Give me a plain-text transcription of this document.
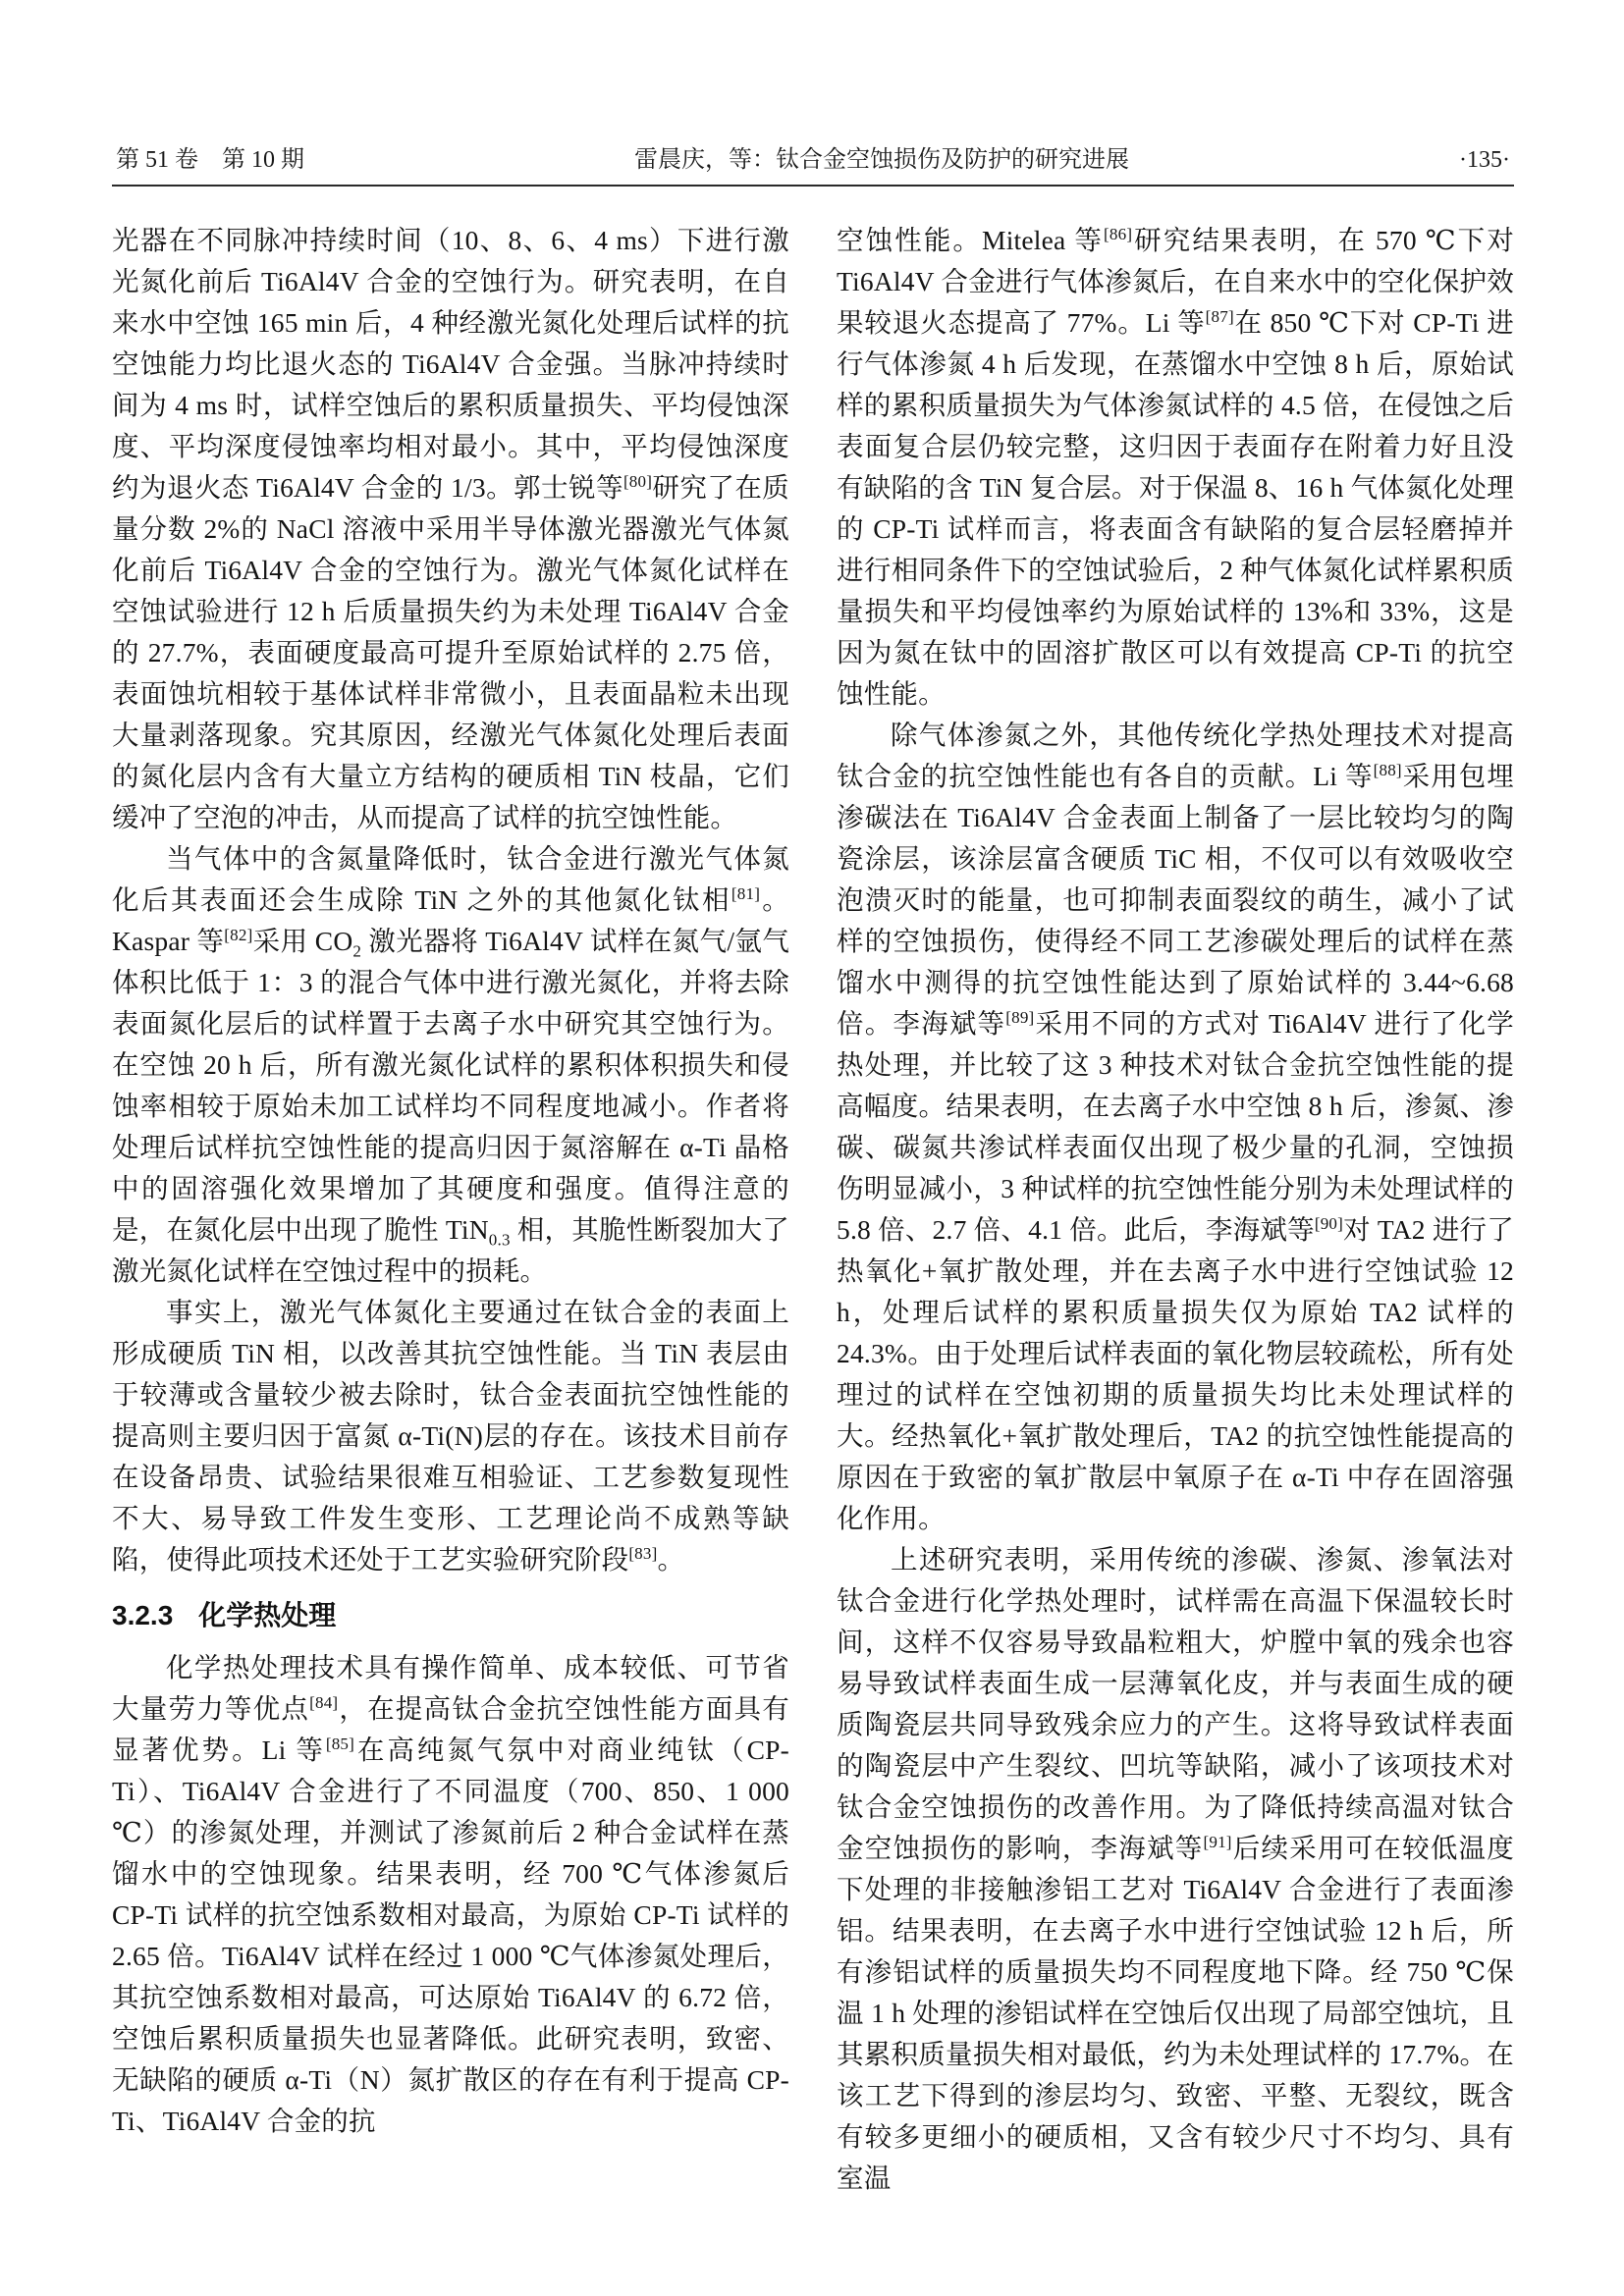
第 51 卷　第 10 期	雷晨庆，等：钛合金空蚀损伤及防护的研究进展	·135·

光器在不同脉冲持续时间（10、8、6、4 ms）下进行激光氮化前后 Ti6Al4V 合金的空蚀行为。研究表明，在自来水中空蚀 165 min 后，4 种经激光氮化处理后试样的抗空蚀能力均比退火态的 Ti6Al4V 合金强。当脉冲持续时间为 4 ms 时，试样空蚀后的累积质量损失、平均侵蚀深度、平均深度侵蚀率均相对最小。其中，平均侵蚀深度约为退火态 Ti6Al4V 合金的 1/3。郭士锐等[80]研究了在质量分数 2%的 NaCl 溶液中采用半导体激光器激光气体氮化前后 Ti6Al4V 合金的空蚀行为。激光气体氮化试样在空蚀试验进行 12 h 后质量损失约为未处理 Ti6Al4V 合金的 27.7%，表面硬度最高可提升至原始试样的 2.75 倍，表面蚀坑相较于基体试样非常微小，且表面晶粒未出现大量剥落现象。究其原因，经激光气体氮化处理后表面的氮化层内含有大量立方结构的硬质相 TiN 枝晶，它们缓冲了空泡的冲击，从而提高了试样的抗空蚀性能。

当气体中的含氮量降低时，钛合金进行激光气体氮化后其表面还会生成除 TiN 之外的其他氮化钛相[81]。Kaspar 等[82]采用 $CO_2$ 激光器将 Ti6Al4V 试样在氮气/氩气体积比低于 1：3 的混合气体中进行激光氮化，并将去除表面氮化层后的试样置于去离子水中研究其空蚀行为。在空蚀 20 h 后，所有激光氮化试样的累积体积损失和侵蚀率相较于原始未加工试样均不同程度地减小。作者将处理后试样抗空蚀性能的提高归因于氮溶解在 α-Ti 晶格中的固溶强化效果增加了其硬度和强度。值得注意的是，在氮化层中出现了脆性 TiN$_{0.3}$ 相，其脆性断裂加大了激光氮化试样在空蚀过程中的损耗。

事实上，激光气体氮化主要通过在钛合金的表面上形成硬质 TiN 相，以改善其抗空蚀性能。当 TiN 表层由于较薄或含量较少被去除时，钛合金表面抗空蚀性能的提高则主要归因于富氮 α-Ti(N)层的存在。该技术目前存在设备昂贵、试验结果很难互相验证、工艺参数复现性不大、易导致工件发生变形、工艺理论尚不成熟等缺陷，使得此项技术还处于工艺实验研究阶段[83]。

3.2.3 化学热处理

化学热处理技术具有操作简单、成本较低、可节省大量劳力等优点[84]，在提高钛合金抗空蚀性能方面具有显著优势。Li 等[85]在高纯氮气氛中对商业纯钛（CP-Ti）、Ti6Al4V 合金进行了不同温度（700、850、1 000 ℃）的渗氮处理，并测试了渗氮前后 2 种合金试样在蒸馏水中的空蚀现象。结果表明，经 700 ℃气体渗氮后 CP-Ti 试样的抗空蚀系数相对最高，为原始 CP-Ti 试样的 2.65 倍。Ti6Al4V 试样在经过 1 000 ℃气体渗氮处理后，其抗空蚀系数相对最高，可达原始 Ti6Al4V 的 6.72 倍，空蚀后累积质量损失也显著降低。此研究表明，致密、无缺陷的硬质 α-Ti（N）氮扩散区的存在有利于提高 CP-Ti、Ti6Al4V 合金的抗

空蚀性能。Mitelea 等[86]研究结果表明，在 570 ℃下对 Ti6Al4V 合金进行气体渗氮后，在自来水中的空化保护效果较退火态提高了 77%。Li 等[87]在 850 ℃下对 CP-Ti 进行气体渗氮 4 h 后发现，在蒸馏水中空蚀 8 h 后，原始试样的累积质量损失为气体渗氮试样的 4.5 倍，在侵蚀之后表面复合层仍较完整，这归因于表面存在附着力好且没有缺陷的含 TiN 复合层。对于保温 8、16 h 气体氮化处理的 CP-Ti 试样而言，将表面含有缺陷的复合层轻磨掉并进行相同条件下的空蚀试验后，2 种气体氮化试样累积质量损失和平均侵蚀率约为原始试样的 13%和 33%，这是因为氮在钛中的固溶扩散区可以有效提高 CP-Ti 的抗空蚀性能。

除气体渗氮之外，其他传统化学热处理技术对提高钛合金的抗空蚀性能也有各自的贡献。Li 等[88]采用包埋渗碳法在 Ti6Al4V 合金表面上制备了一层比较均匀的陶瓷涂层，该涂层富含硬质 TiC 相，不仅可以有效吸收空泡溃灭时的能量，也可抑制表面裂纹的萌生，减小了试样的空蚀损伤，使得经不同工艺渗碳处理后的试样在蒸馏水中测得的抗空蚀性能达到了原始试样的 3.44~6.68 倍。李海斌等[89]采用不同的方式对 Ti6Al4V 进行了化学热处理，并比较了这 3 种技术对钛合金抗空蚀性能的提高幅度。结果表明，在去离子水中空蚀 8 h 后，渗氮、渗碳、碳氮共渗试样表面仅出现了极少量的孔洞，空蚀损伤明显减小，3 种试样的抗空蚀性能分别为未处理试样的 5.8 倍、2.7 倍、4.1 倍。此后，李海斌等[90]对 TA2 进行了热氧化+氧扩散处理，并在去离子水中进行空蚀试验 12 h，处理后试样的累积质量损失仅为原始 TA2 试样的 24.3%。由于处理后试样表面的氧化物层较疏松，所有处理过的试样在空蚀初期的质量损失均比未处理试样的大。经热氧化+氧扩散处理后，TA2 的抗空蚀性能提高的原因在于致密的氧扩散层中氧原子在 α-Ti 中存在固溶强化作用。

上述研究表明，采用传统的渗碳、渗氮、渗氧法对钛合金进行化学热处理时，试样需在高温下保温较长时间，这样不仅容易导致晶粒粗大，炉膛中氧的残余也容易导致试样表面生成一层薄氧化皮，并与表面生成的硬质陶瓷层共同导致残余应力的产生。这将导致试样表面的陶瓷层中产生裂纹、凹坑等缺陷，减小了该项技术对钛合金空蚀损伤的改善作用。为了降低持续高温对钛合金空蚀损伤的影响，李海斌等[91]后续采用可在较低温度下处理的非接触渗铝工艺对 Ti6Al4V 合金进行了表面渗铝。结果表明，在去离子水中进行空蚀试验 12 h 后，所有渗铝试样的质量损失均不同程度地下降。经 750 ℃保温 1 h 处理的渗铝试样在空蚀后仅出现了局部空蚀坑，且其累积质量损失相对最低，约为未处理试样的 17.7%。在该工艺下得到的渗层均匀、致密、平整、无裂纹，既含有较多更细小的硬质相，又含有较少尺寸不均匀、具有室温
